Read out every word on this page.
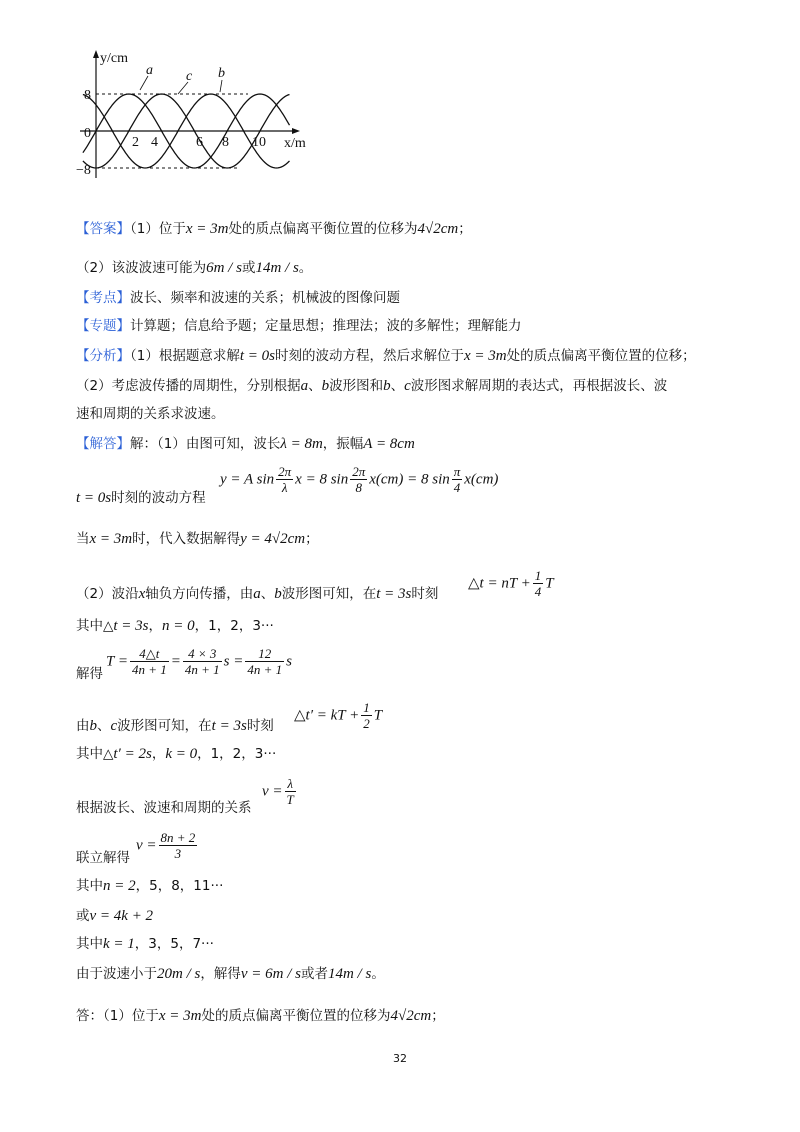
y/cm
x/m
0
8
−8
2 4	6 8 10
a c b
【答案】（1）位于x = 3m处的质点偏离平衡位置的位移为4√2cm；
（2）该波波速可能为6m / s或14m / s。
【考点】波长、频率和波速的关系；机械波的图像问题
【专题】计算题；信息给予题；定量思想；推理法；波的多解性；理解能力
【分析】（1）根据题意求解t = 0s时刻的波动方程，然后求解位于x = 3m处的质点偏离平衡位置的位移；
（2）考虑波传播的周期性，分别根据a、b波形图和b、c波形图求解周期的表达式，再根据波长、波
速和周期的关系求波速。
【解答】解：（1）由图可知，波长λ = 8m，振幅A = 8cm
y = A $\sin \frac{2\pi}{\lambda}$ x = 8 $\sin \frac{2\pi}{8} x(cm) = 8$ $\sin \frac{\pi}{4} x(cm)$
t = 0s时刻的波动方程
当x = 3m时，代入数据解得y = 4√2cm；
（2）波沿x轴负方向传播，由a、b波形图可知，在t = 3s时刻
△t = nT + $\frac{1}{4}$ T
其中△t = 3s，n = 0，1，2，3···
解得
$T = \frac{4\triangle t}{4n + 1} = \frac{4 \times 3}{4n + 1}$ $s = \frac{12}{4n + 1}$ s
由b、c波形图可知，在t = 3s时刻
△t′ = kT + $\frac{1}{2}$ T
其中△t′ = 2s，k = 0，1，2，3···
根据波长、波速和周期的关系
$v = \frac{\lambda}{T}$
联立解得
$v = \frac{8n + 2}{3}$
其中n = 2，5，8，11···
或v = 4k + 2
其中k = 1，3，5，7···
由于波速小于20m / s，解得v = 6m / s或者14m / s。
答：（1）位于x = 3m处的质点偏离平衡位置的位移为4√2cm；
32
